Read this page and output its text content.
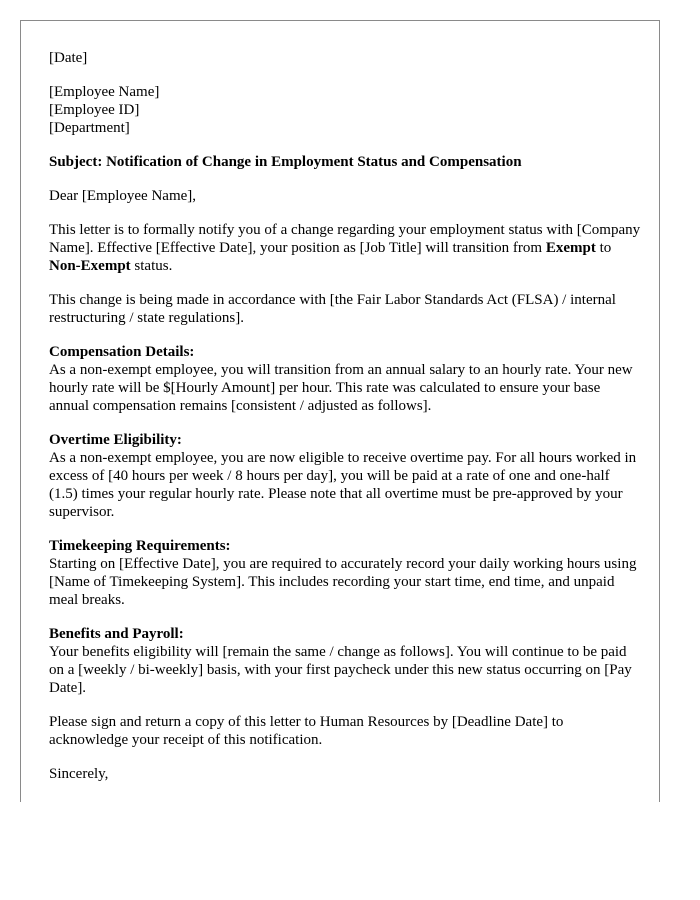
[Date]

[Employee Name]
[Employee ID]
[Department]

Subject: Notification of Change in Employment Status and Compensation

Dear [Employee Name],

This letter is to formally notify you of a change regarding your employment status with [Company Name]. Effective [Effective Date], your position as [Job Title] will transition from Exempt to Non-Exempt status.

This change is being made in accordance with [the Fair Labor Standards Act (FLSA) / internal restructuring / state regulations].

Compensation Details:
As a non-exempt employee, you will transition from an annual salary to an hourly rate. Your new hourly rate will be $[Hourly Amount] per hour. This rate was calculated to ensure your base annual compensation remains [consistent / adjusted as follows].
Overtime Eligibility:
As a non-exempt employee, you are now eligible to receive overtime pay. For all hours worked in excess of [40 hours per week / 8 hours per day], you will be paid at a rate of one and one-half (1.5) times your regular hourly rate. Please note that all overtime must be pre-approved by your supervisor.
Timekeeping Requirements:
Starting on [Effective Date], you are required to accurately record your daily working hours using [Name of Timekeeping System]. This includes recording your start time, end time, and unpaid meal breaks.
Benefits and Payroll:
Your benefits eligibility will [remain the same / change as follows]. You will continue to be paid on a [weekly / bi-weekly] basis, with your first paycheck under this new status occurring on [Pay Date].

Please sign and return a copy of this letter to Human Resources by [Deadline Date] to acknowledge your receipt of this notification.

Sincerely,
